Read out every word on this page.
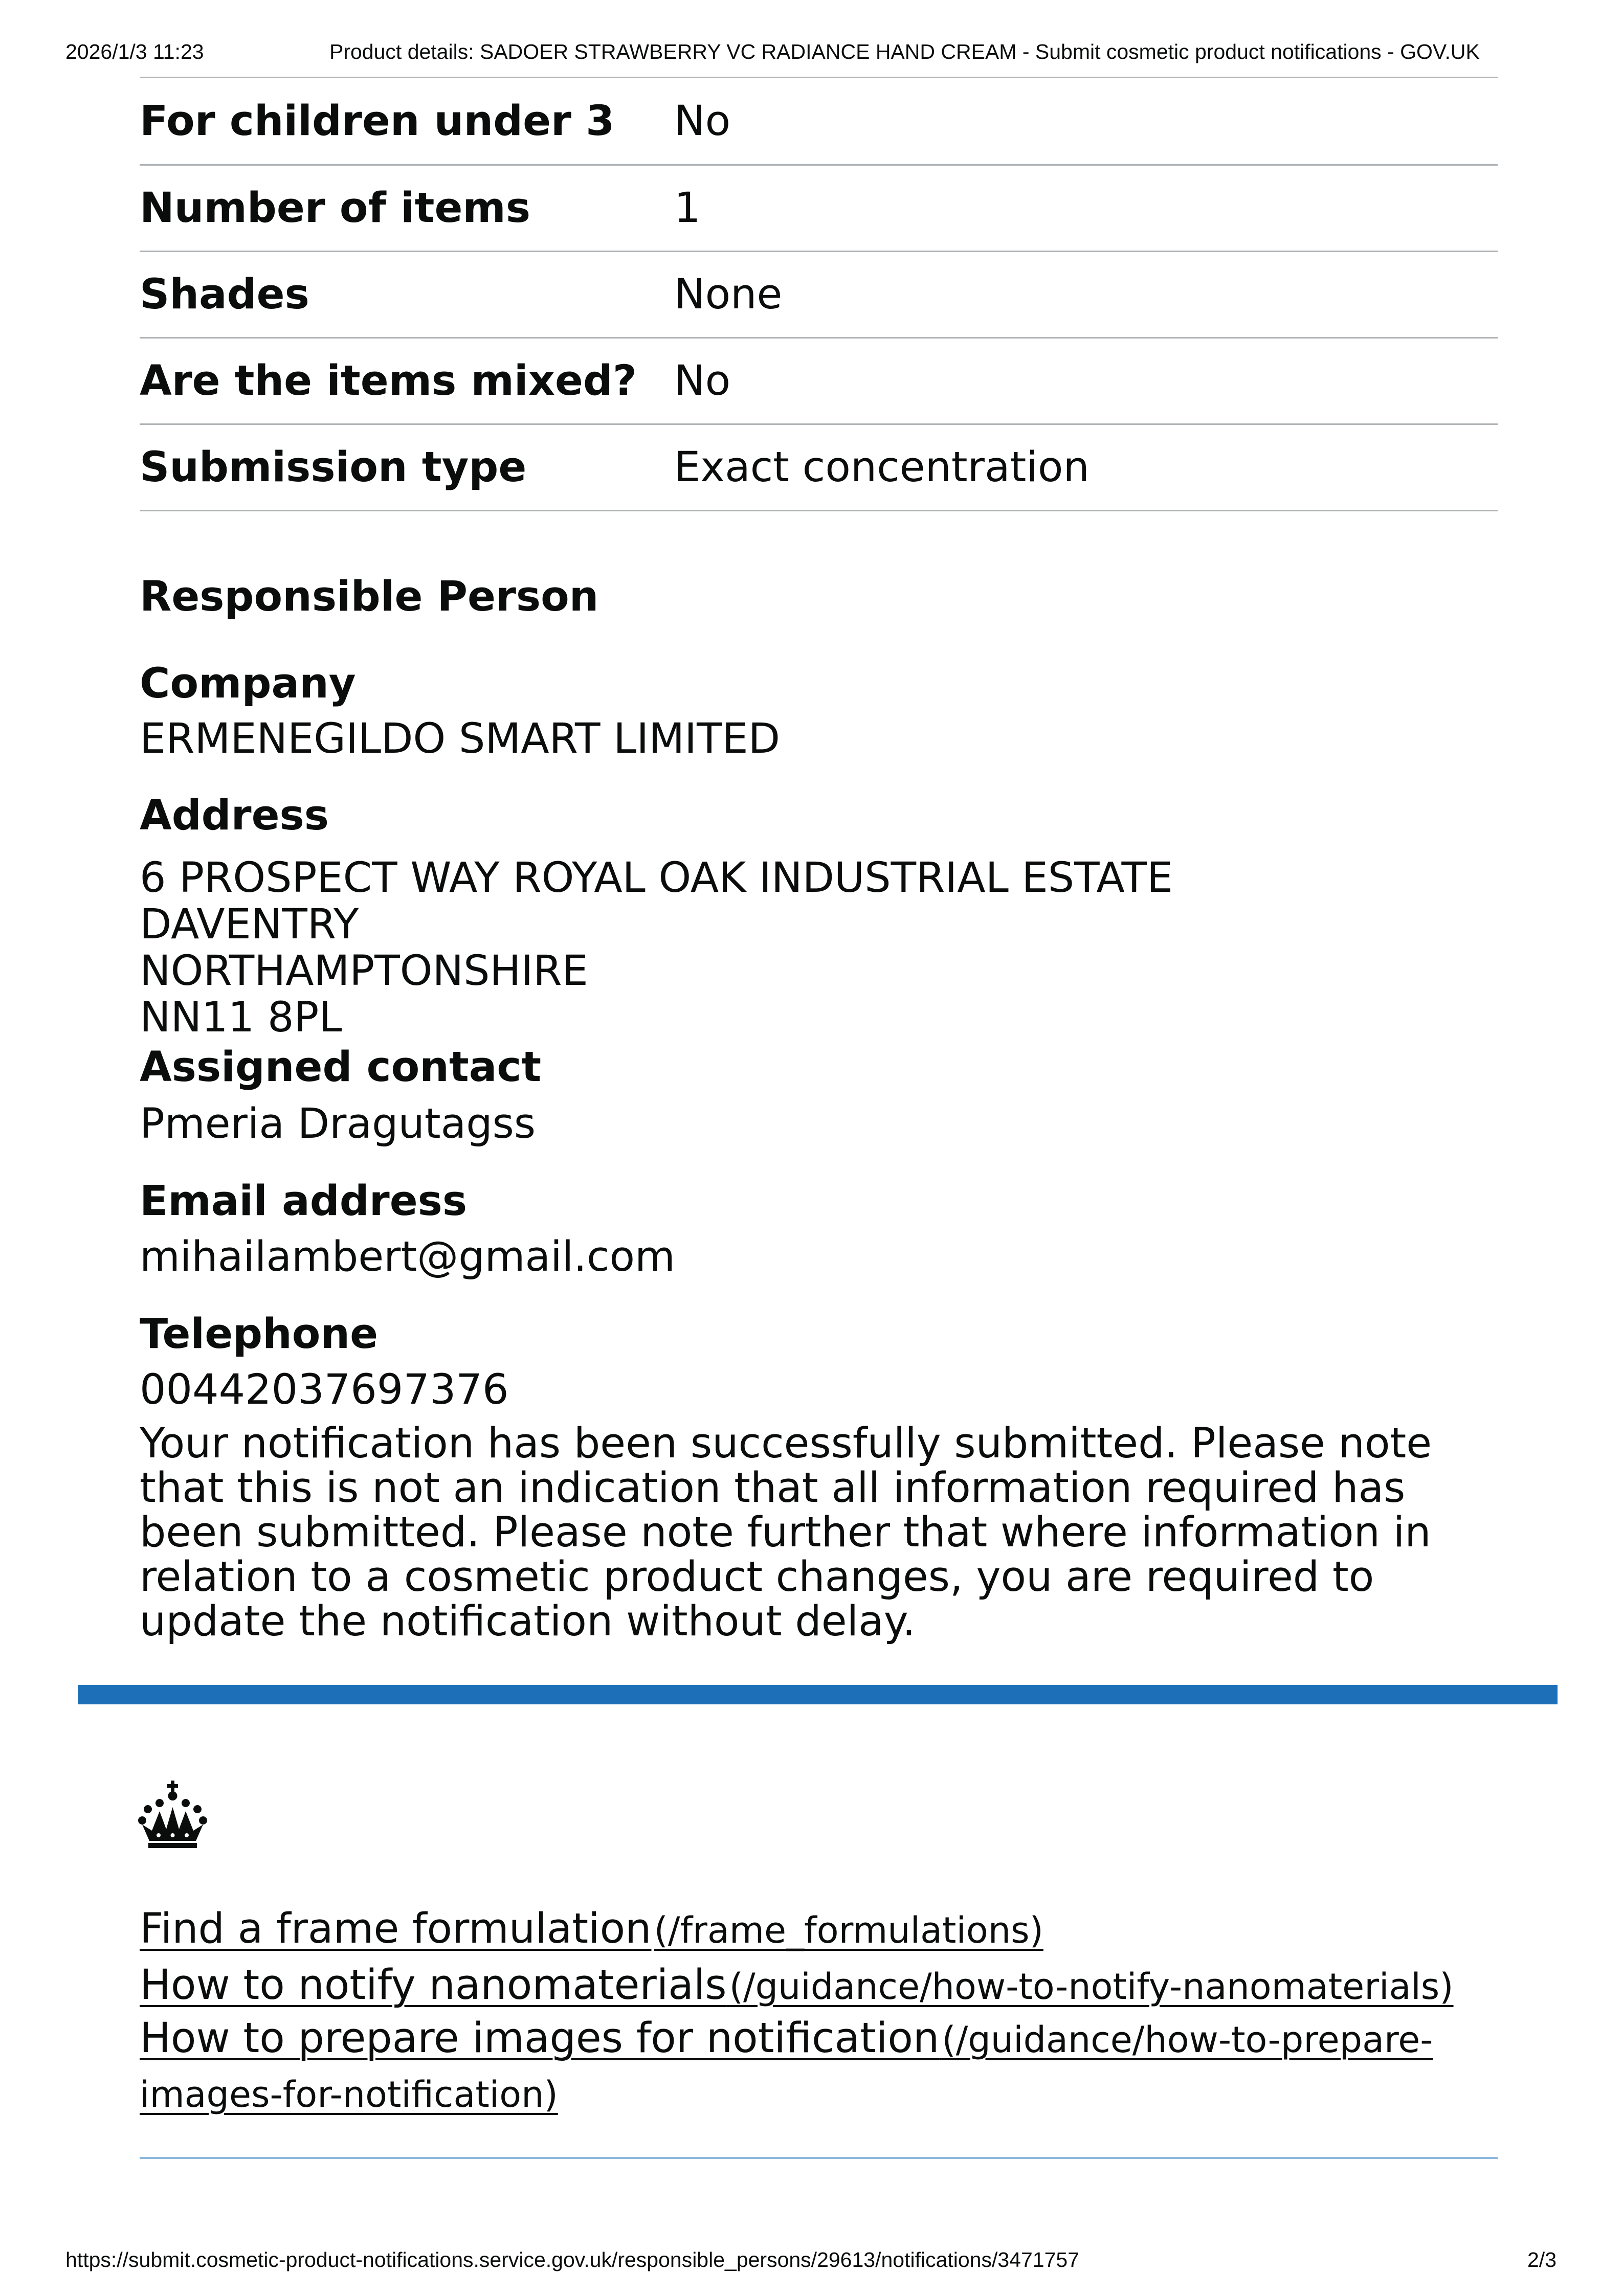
2026/1/3 11:23	Product details: SADOER STRAWBERRY VC RADIANCE HAND CREAM - Submit cosmetic product notifications - GOV.UK
For children under 3	No
Number of items	1
Shades	None
Are the items mixed?	No
Submission type	Exact concentration
Responsible Person
Company
ERMENEGILDO SMART LIMITED
Address
6 PROSPECT WAY ROYAL OAK INDUSTRIAL ESTATE
DAVENTRY
NORTHAMPTONSHIRE
NN11 8PL
Assigned contact
Pmeria Dragutagss
Email address
mihailambert@gmail.com
Telephone
00442037697376
Your notification has been successfully submitted. Please note that this is not an indication that all information required has been submitted. Please note further that where information in relation to a cosmetic product changes, you are required to update the notification without delay.
Find a frame formulation (/frame_formulations)
How to notify nanomaterials (/guidance/how-to-notify-nanomaterials)
How to prepare images for notification (/guidance/how-to-prepare-images-for-notification)
https://submit.cosmetic-product-notifications.service.gov.uk/responsible_persons/29613/notifications/3471757	2/3
